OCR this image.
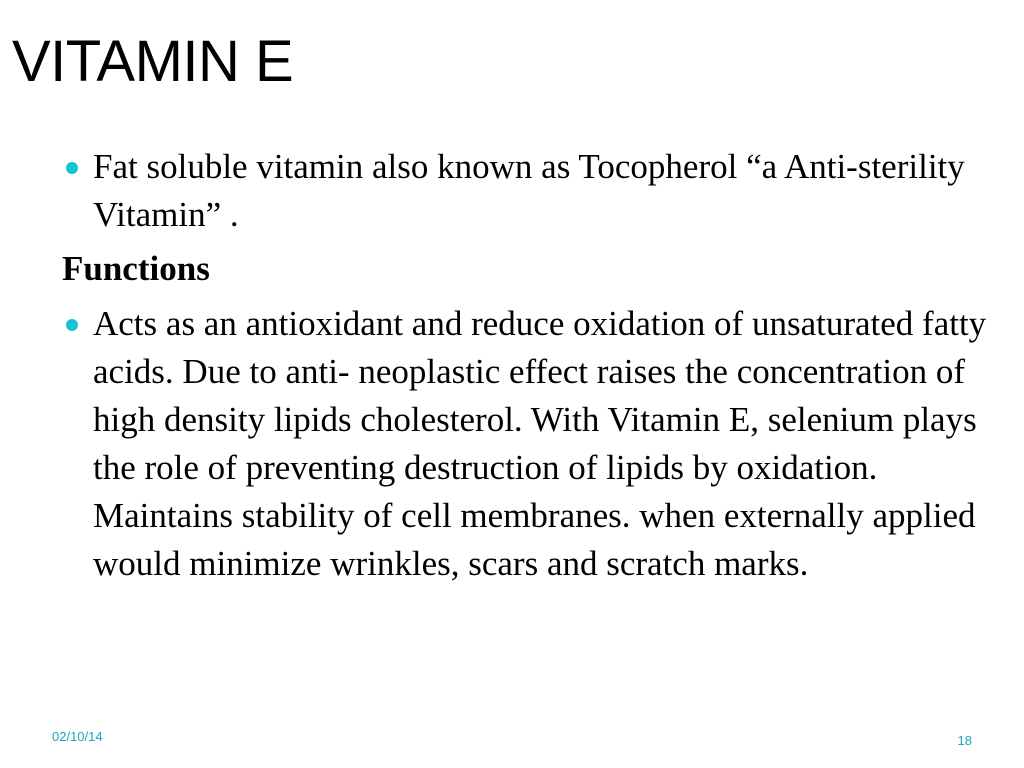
VITAMIN E
Fat soluble vitamin also known as Tocopherol “a Anti-sterility Vitamin” .
Functions
Acts as an antioxidant and reduce oxidation of unsaturated fatty acids. Due to anti- neoplastic effect raises the concentration of high density lipids cholesterol. With Vitamin E, selenium plays the role of preventing destruction of lipids by oxidation. Maintains stability of cell membranes. when externally applied would minimize wrinkles, scars and scratch marks.
02/10/14	18
